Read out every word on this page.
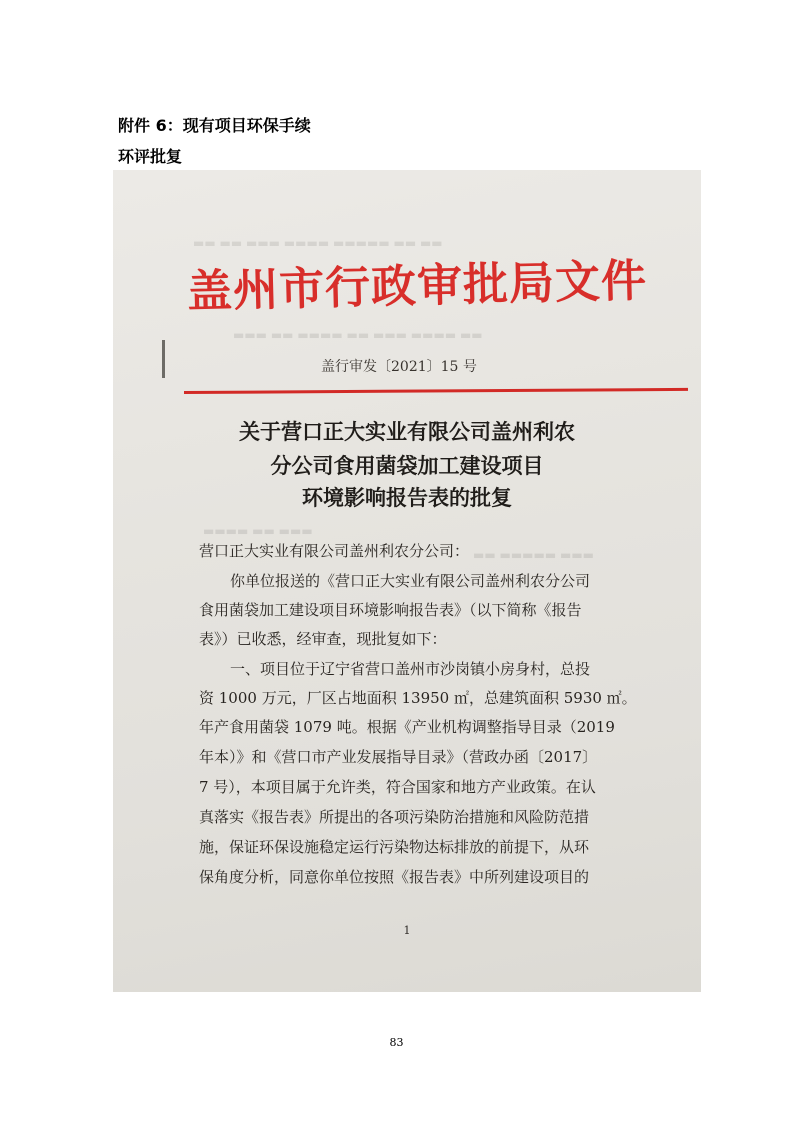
附件 6：现有项目环保手续
环评批复
▬▬ ▬▬ ▬▬▬ ▬▬▬▬ ▬▬▬▬▬ ▬▬ ▬▬
▬▬▬ ▬▬ ▬▬▬▬ ▬▬ ▬▬▬ ▬▬▬▬ ▬▬
▬▬▬▬ ▬▬ ▬▬▬
▬▬ ▬▬▬▬▬ ▬▬▬
盖州市行政审批局文件
盖行审发〔2021〕15 号
关于营口正大实业有限公司盖州利农
分公司食用菌袋加工建设项目
环境影响报告表的批复
营口正大实业有限公司盖州利农分公司：
你单位报送的《营口正大实业有限公司盖州利农分公司
食用菌袋加工建设项目环境影响报告表》（以下简称《报告
表》）已收悉，经审查，现批复如下：
一、项目位于辽宁省营口盖州市沙岗镇小房身村，总投
资 1000 万元，厂区占地面积 13950 ㎡，总建筑面积 5930 ㎡。
年产食用菌袋 1079 吨。根据《产业机构调整指导目录（2019
年本）》和《营口市产业发展指导目录》（营政办函〔2017〕
7 号），本项目属于允许类，符合国家和地方产业政策。在认
真落实《报告表》所提出的各项污染防治措施和风险防范措
施，保证环保设施稳定运行污染物达标排放的前提下，从环
保角度分析，同意你单位按照《报告表》中所列建设项目的
1
83
